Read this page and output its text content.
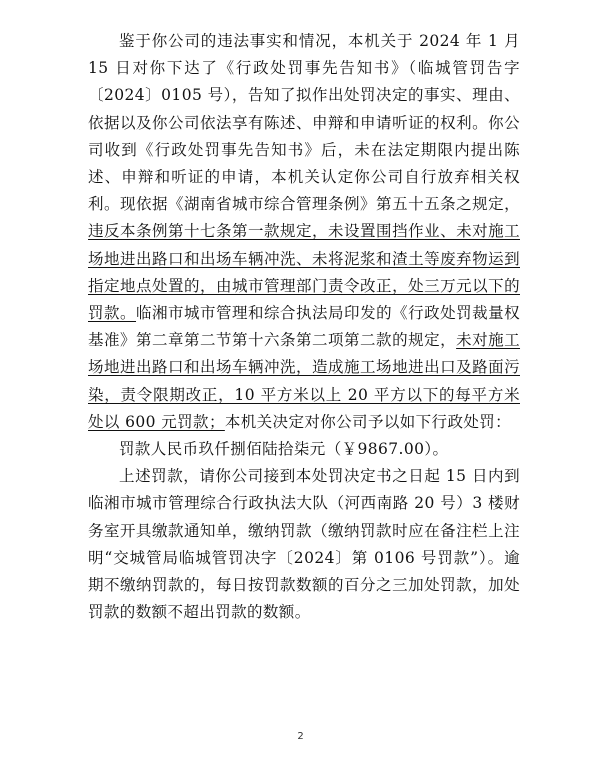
鉴于你公司的违法事实和情况，本机关于 2024 年 1 月 15 日对你下达了《行政处罚事先告知书》（临城管罚告字〔2024〕0105 号），告知了拟作出处罚决定的事实、理由、依据以及你公司依法享有陈述、申辩和申请听证的权利。你公司收到《行政处罚事先告知书》后，未在法定期限内提出陈述、申辩和听证的申请，本机关认定你公司自行放弃相关权利。现依据《湖南省城市综合管理条例》第五十五条之规定，违反本条例第十七条第一款规定，未设置围挡作业、未对施工场地进出路口和出场车辆冲洗、未将泥浆和渣土等废弃物运到指定地点处置的，由城市管理部门责令改正，处三万元以下的罚款。临湘市城市管理和综合执法局印发的《行政处罚裁量权基准》第二章第二节第十六条第二项第二款的规定，未对施工场地进出路口和出场车辆冲洗，造成施工场地进出口及路面污染，责令限期改正，10 平方米以上 20 平方以下的每平方米处以 600 元罚款；本机关决定对你公司予以如下行政处罚：

罚款人民币玖仟捌佰陆拾柒元（￥9867.00）。

上述罚款，请你公司接到本处罚决定书之日起 15 日内到临湘市城市管理综合行政执法大队（河西南路 20 号）3 楼财务室开具缴款通知单，缴纳罚款（缴纳罚款时应在备注栏上注明“交城管局临城管罚决字〔2024〕第 0106 号罚款”）。逾期不缴纳罚款的，每日按罚款数额的百分之三加处罚款，加处罚款的数额不超出罚款的数额。

2
